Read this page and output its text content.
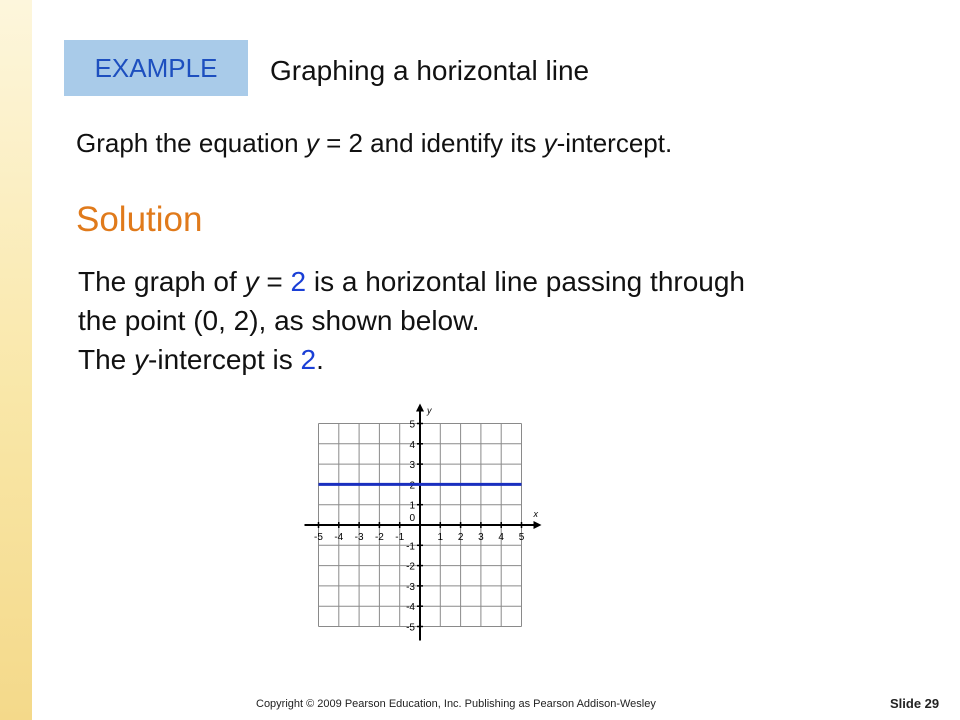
EXAMPLE	Graphing a horizontal line
Graph the equation y = 2 and identify its y-intercept.
Solution
The graph of y = 2 is a horizontal line passing through
the point (0, 2), as shown below.
The y-intercept is 2.
-5 -4 -3 -2 -1	1 2 3 4 5
5
4
3
2
1
-1
-2
-3
-4
-5
0	x
y
Copyright © 2009 Pearson Education, Inc. Publishing as Pearson Addison-Wesley	Slide 29
